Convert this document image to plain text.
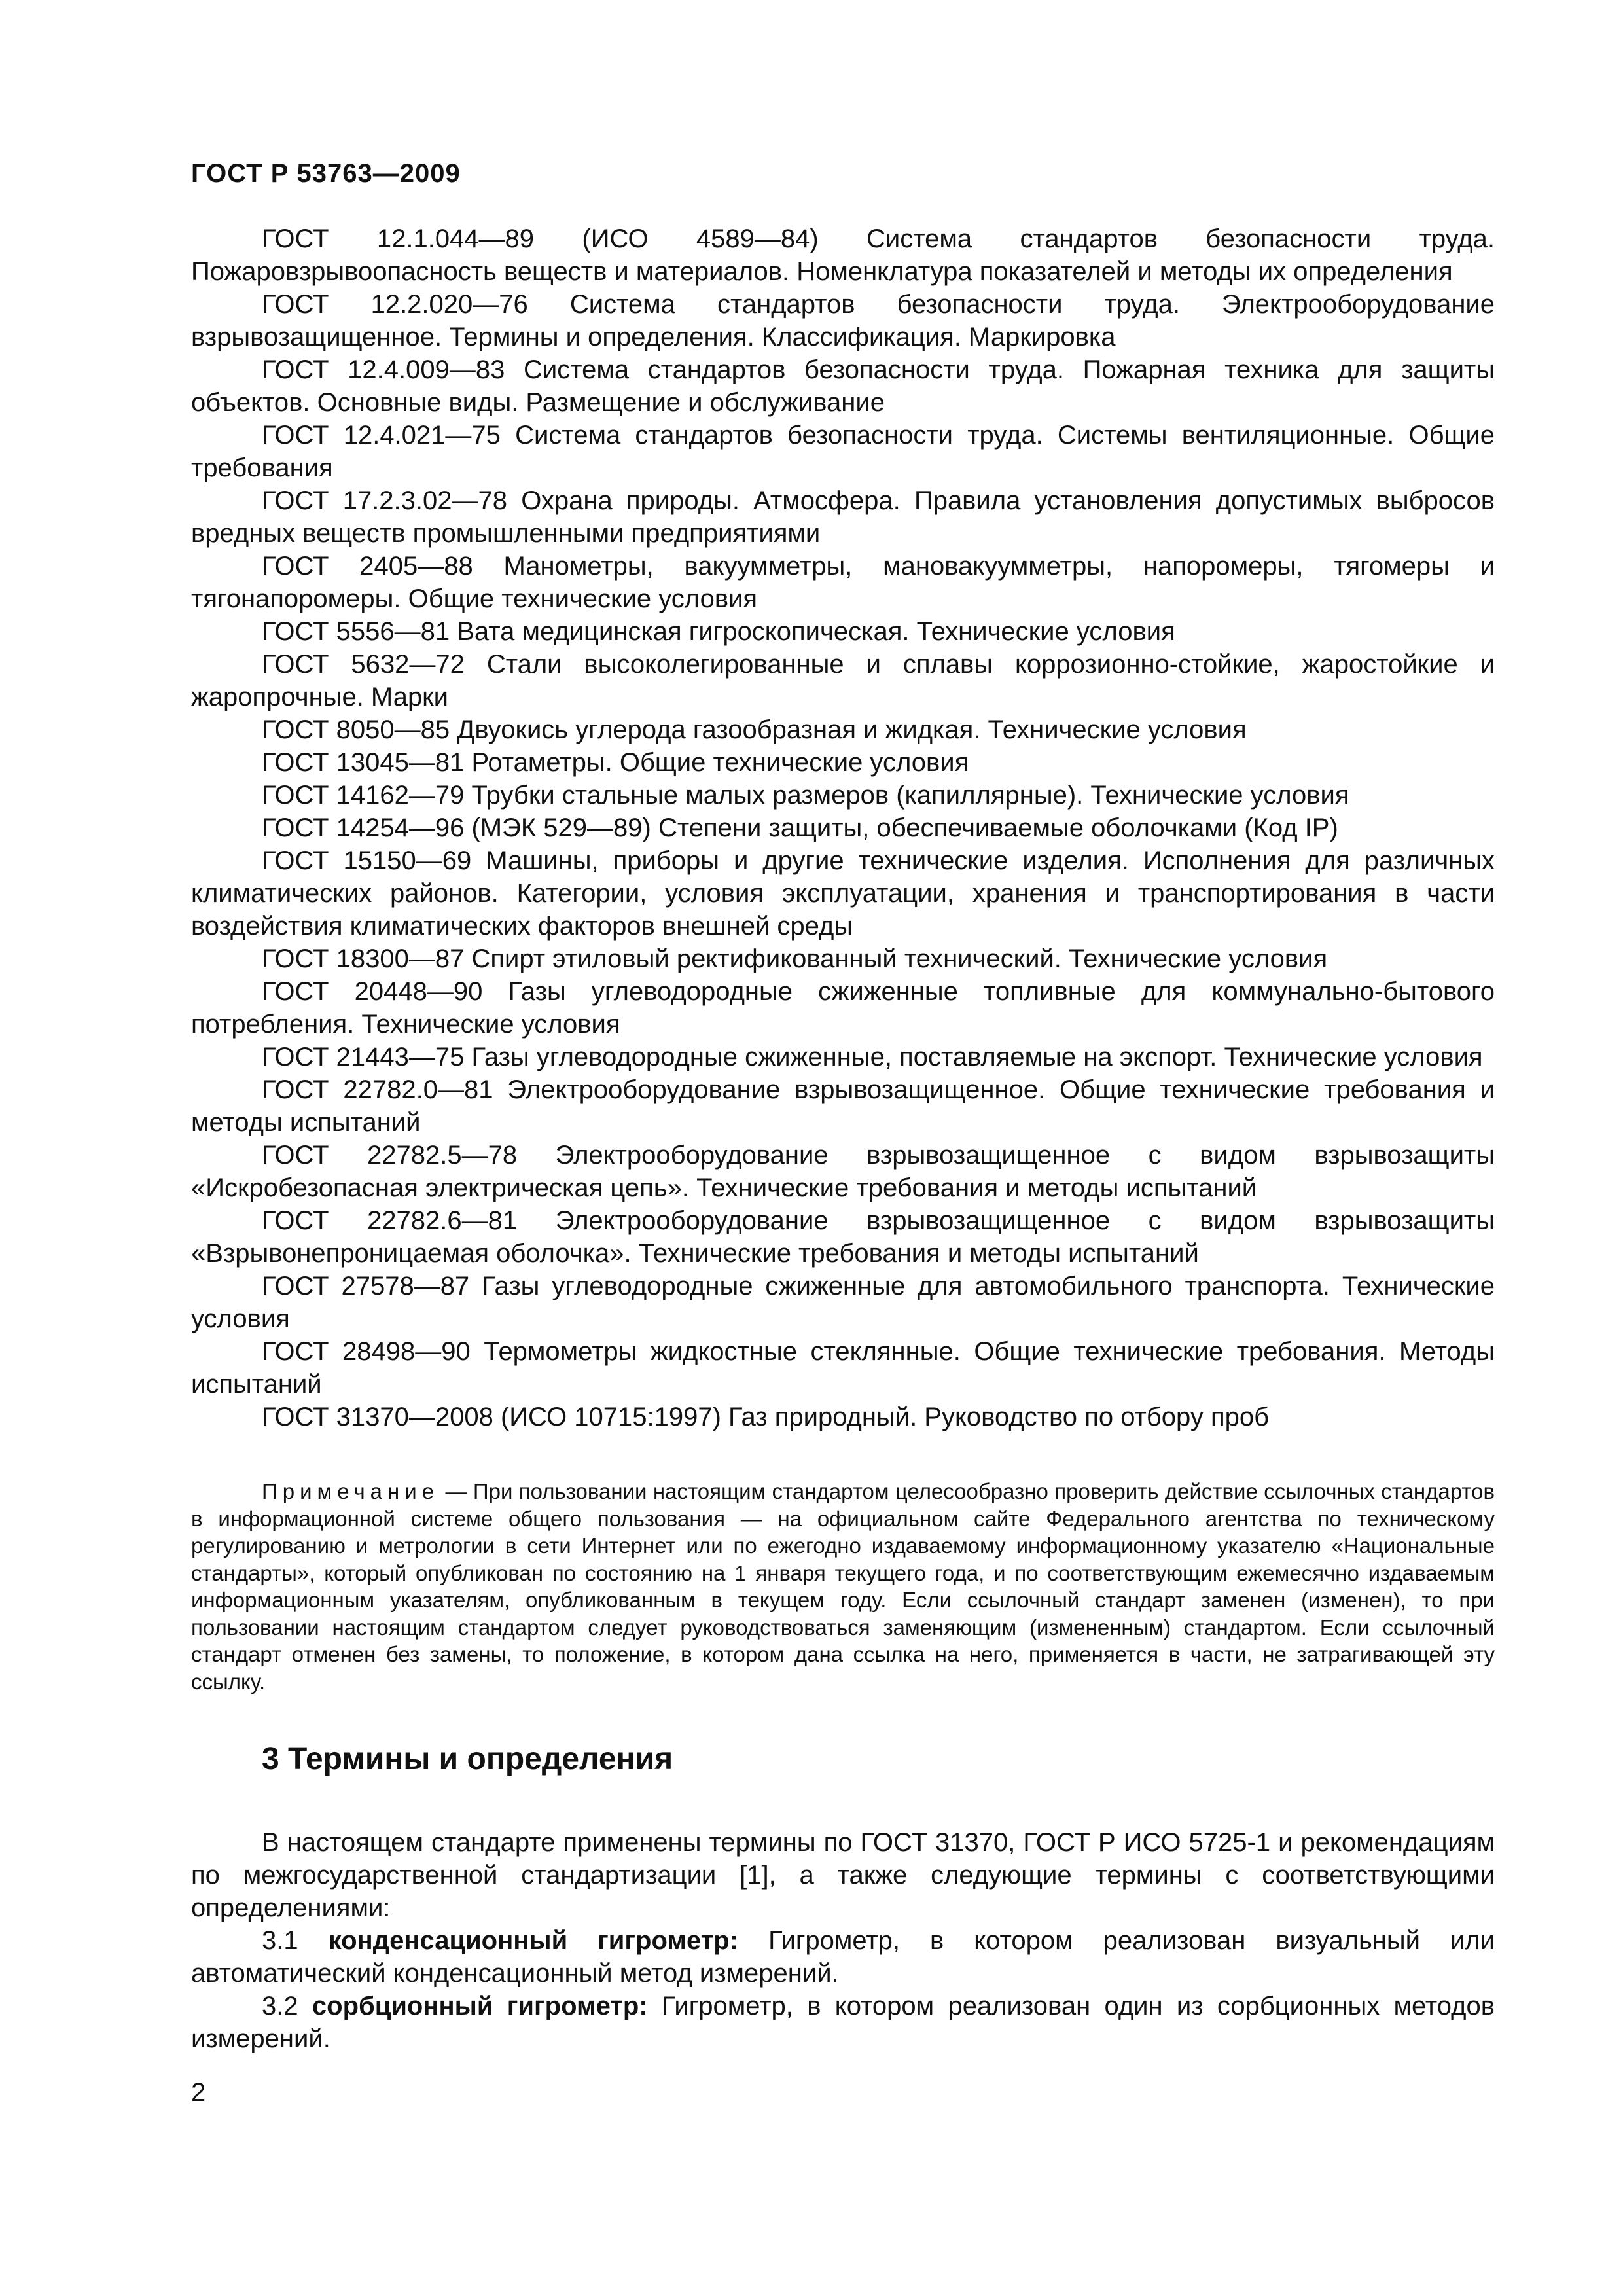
ГОСТ Р 53763—2009

ГОСТ 12.1.044—89 (ИСО 4589—84) Система стандартов безопасности труда. Пожаровзрывоопасность веществ и материалов. Номенклатура показателей и методы их определения

ГОСТ 12.2.020—76 Система стандартов безопасности труда. Электрооборудование взрывозащищенное. Термины и определения. Классификация. Маркировка

ГОСТ 12.4.009—83 Система стандартов безопасности труда. Пожарная техника для защиты объектов. Основные виды. Размещение и обслуживание

ГОСТ 12.4.021—75 Система стандартов безопасности труда. Системы вентиляционные. Общие требования

ГОСТ 17.2.3.02—78 Охрана природы. Атмосфера. Правила установления допустимых выбросов вредных веществ промышленными предприятиями

ГОСТ 2405—88 Манометры, вакуумметры, мановакуумметры, напоромеры, тягомеры и тягонапоромеры. Общие технические условия

ГОСТ 5556—81 Вата медицинская гигроскопическая. Технические условия

ГОСТ 5632—72 Стали высоколегированные и сплавы коррозионно-стойкие, жаростойкие и жаропрочные. Марки

ГОСТ 8050—85 Двуокись углерода газообразная и жидкая. Технические условия

ГОСТ 13045—81 Ротаметры. Общие технические условия

ГОСТ 14162—79 Трубки стальные малых размеров (капиллярные). Технические условия

ГОСТ 14254—96 (МЭК 529—89) Степени защиты, обеспечиваемые оболочками (Код IP)

ГОСТ 15150—69 Машины, приборы и другие технические изделия. Исполнения для различных климатических районов. Категории, условия эксплуатации, хранения и транспортирования в части воздействия климатических факторов внешней среды

ГОСТ 18300—87 Спирт этиловый ректификованный технический. Технические условия

ГОСТ 20448—90 Газы углеводородные сжиженные топливные для коммунально-бытового потребления. Технические условия

ГОСТ 21443—75 Газы углеводородные сжиженные, поставляемые на экспорт. Технические условия

ГОСТ 22782.0—81 Электрооборудование взрывозащищенное. Общие технические требования и методы испытаний

ГОСТ 22782.5—78 Электрооборудование взрывозащищенное с видом взрывозащиты «Искробезопасная электрическая цепь». Технические требования и методы испытаний

ГОСТ 22782.6—81 Электрооборудование взрывозащищенное с видом взрывозащиты «Взрывонепроницаемая оболочка». Технические требования и методы испытаний

ГОСТ 27578—87 Газы углеводородные сжиженные для автомобильного транспорта. Технические условия

ГОСТ 28498—90 Термометры жидкостные стеклянные. Общие технические требования. Методы испытаний

ГОСТ 31370—2008 (ИСО 10715:1997) Газ природный. Руководство по отбору проб

Примечание — При пользовании настоящим стандартом целесообразно проверить действие ссылочных стандартов в информационной системе общего пользования — на официальном сайте Федерального агентства по техническому регулированию и метрологии в сети Интернет или по ежегодно издаваемому информационному указателю «Национальные стандарты», который опубликован по состоянию на 1 января текущего года, и по соответствующим ежемесячно издаваемым информационным указателям, опубликованным в текущем году. Если ссылочный стандарт заменен (изменен), то при пользовании настоящим стандартом следует руководствоваться заменяющим (измененным) стандартом. Если ссылочный стандарт отменен без замены, то положение, в котором дана ссылка на него, применяется в части, не затрагивающей эту ссылку.

3 Термины и определения

В настоящем стандарте применены термины по ГОСТ 31370, ГОСТ Р ИСО 5725-1 и рекомендациям по межгосударственной стандартизации [1], а также следующие термины с соответствующими определениями:

3.1 конденсационный гигрометр: Гигрометр, в котором реализован визуальный или автоматический конденсационный метод измерений.

3.2 сорбционный гигрометр: Гигрометр, в котором реализован один из сорбционных методов измерений.

2
